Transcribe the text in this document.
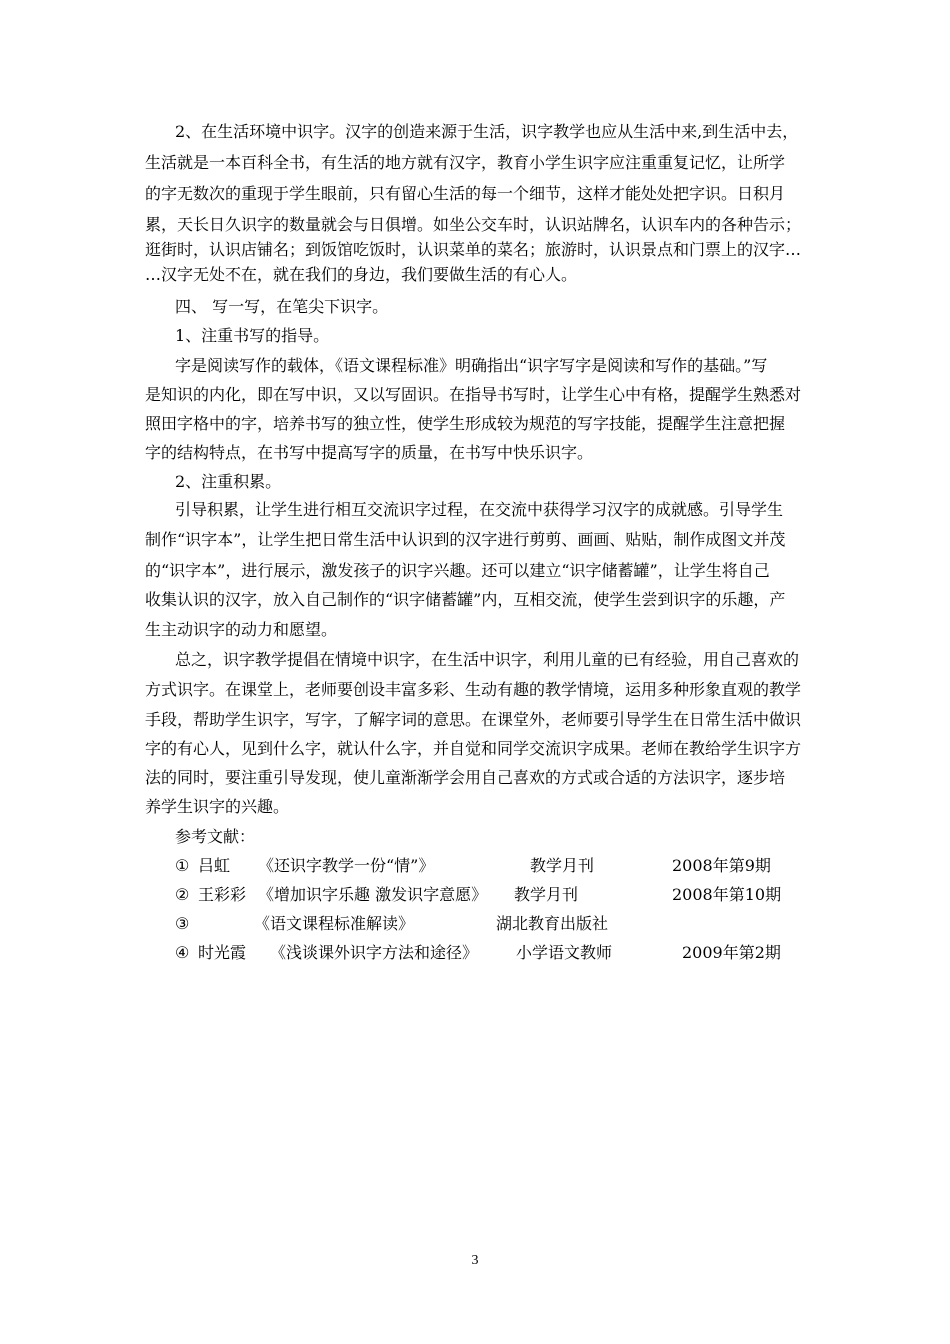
2、在生活环境中识字。汉字的创造来源于生活，识字教学也应从生活中来,到生活中去，
生活就是一本百科全书，有生活的地方就有汉字，教育小学生识字应注重重复记忆，让所学
的字无数次的重现于学生眼前，只有留心生活的每一个细节，这样才能处处把字识。日积月
累，天长日久识字的数量就会与日俱增。如坐公交车时，认识站牌名，认识车内的各种告示；
逛街时，认识店铺名；到饭馆吃饭时，认识菜单的菜名；旅游时，认识景点和门票上的汉字…
…汉字无处不在，就在我们的身边，我们要做生活的有心人。
四、 写一写，在笔尖下识字。
1、注重书写的指导。
字是阅读写作的载体，《语文课程标准》明确指出“识字写字是阅读和写作的基础。”写
是知识的内化，即在写中识，又以写固识。在指导书写时，让学生心中有格，提醒学生熟悉对
照田字格中的字，培养书写的独立性，使学生形成较为规范的写字技能，提醒学生注意把握
字的结构特点，在书写中提高写字的质量，在书写中快乐识字。
2、注重积累。
引导积累，让学生进行相互交流识字过程，在交流中获得学习汉字的成就感。引导学生
制作“识字本”，让学生把日常生活中认识到的汉字进行剪剪、画画、贴贴，制作成图文并茂
的“识字本”，进行展示，激发孩子的识字兴趣。还可以建立“识字储蓄罐”，让学生将自己
收集认识的汉字，放入自己制作的“识字储蓄罐”内，互相交流，使学生尝到识字的乐趣，产
生主动识字的动力和愿望。
总之，识字教学提倡在情境中识字，在生活中识字，利用儿童的已有经验，用自己喜欢的
方式识字。在课堂上，老师要创设丰富多彩、生动有趣的教学情境，运用多种形象直观的教学
手段，帮助学生识字，写字，了解字词的意思。在课堂外，老师要引导学生在日常生活中做识
字的有心人，见到什么字，就认什么字，并自觉和同学交流识字成果。老师在教给学生识字方
法的同时，要注重引导发现，使儿童渐渐学会用自己喜欢的方式或合适的方法识字，逐步培
养学生识字的兴趣。
参考文献：
① 吕虹 《还识字教学一份“情”》	教学月刊	2008年第9期
② 王彩彩 《增加识字乐趣 激发识字意愿》 教学月刊	2008年第10期
③	《语文课程标准解读》	湖北教育出版社
④ 时光霞 《浅谈课外识字方法和途径》 小学语文教师	2009年第2期
3
